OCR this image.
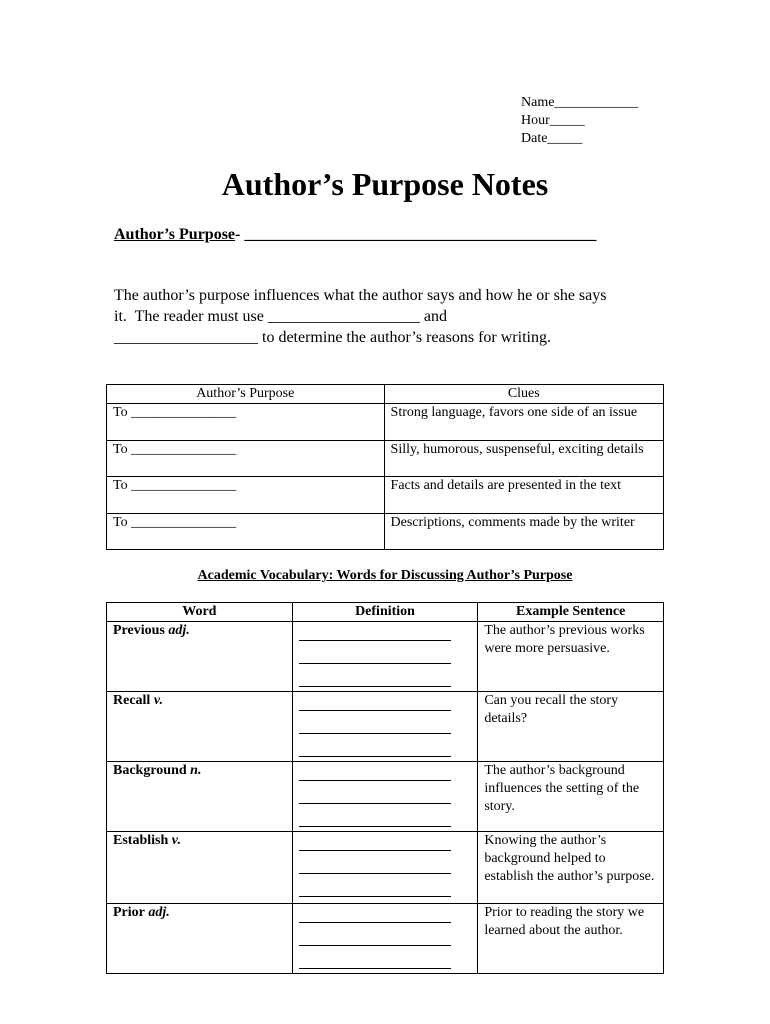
Name____________
Hour_____
Date_____
Author’s Purpose Notes
Author’s Purpose- ____________________________________________
The author’s purpose influences what the author says and how he or she says
it.  The reader must use ___________________ and
__________________ to determine the author’s reasons for writing.
Author’s Purpose	Clues
To _______________	Strong language, favors one side of an issue
To _______________	Silly, humorous, suspenseful, exciting details
To _______________	Facts and details are presented in the text
To _______________	Descriptions, comments made by the writer
Academic Vocabulary: Words for Discussing Author’s Purpose
Word	Definition	Example Sentence
Previous adj.		The author’s previous works were more persuasive.
Recall v.		Can you recall the story details?
Background n.		The author’s background influences the setting of the story.
Establish v.		Knowing the author’s background helped to establish the author’s purpose.
Prior adj.		Prior to reading the story we learned about the author.
